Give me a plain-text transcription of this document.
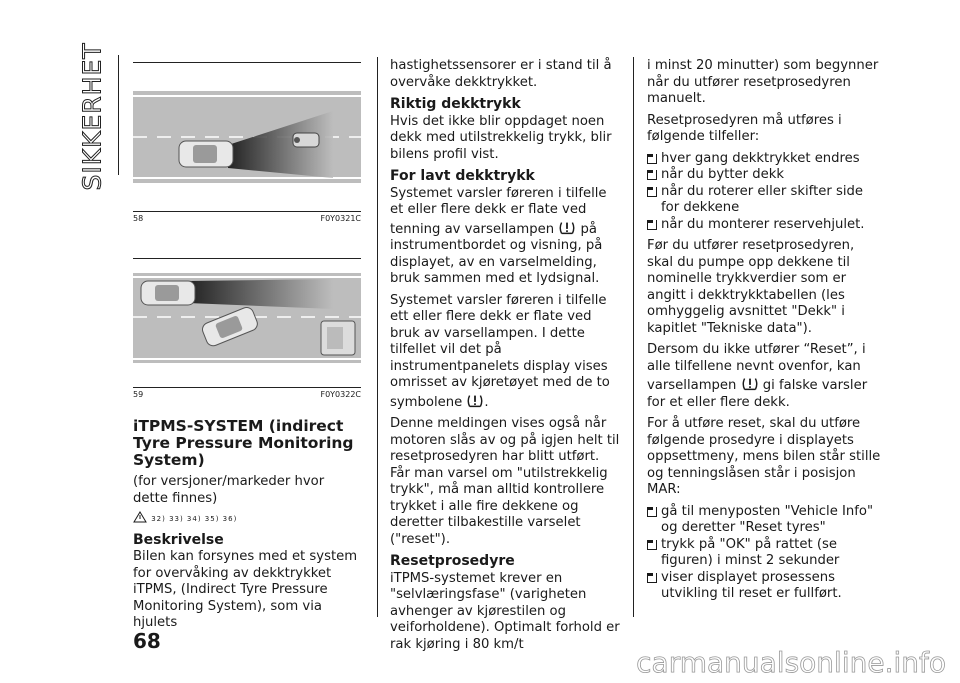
SIKKERHET
58	F0Y0321C
59	F0Y0322C

iTPMS-SYSTEM (indirect Tyre Pressure Monitoring System)

(for versjoner/markeder hvor dette finnes)

32) 33) 34) 35) 36)
Beskrivelse

Bilen kan forsynes med et system for overvåking av dekktrykket iTPMS, (Indirect Tyre Pressure Monitoring System), som via hjulets

hastighetssensorer er i stand til å overvåke dekktrykket.

Riktig dekktrykk

Hvis det ikke blir oppdaget noen dekk med utilstrekkelig trykk, blir bilens profil vist.

For lavt dekktrykk

Systemet varsler føreren i tilfelle et eller flere dekk er flate ved tenning av varsellampen på instrumentbordet og visning, på displayet, av en varselmelding, bruk sammen med et lydsignal.

Systemet varsler føreren i tilfelle ett eller flere dekk er flate ved bruk av varsellampen. I dette tilfellet vil det på instrumentpanelets display vises omrisset av kjøretøyet med de to symbolene .

Denne meldingen vises også når motoren slås av og på igjen helt til resetprosedyren har blitt utført. Får man varsel om "utilstrekkelig trykk", må man alltid kontrollere trykket i alle fire dekkene og deretter tilbakestille varselet ("reset").

Resetprosedyre

iTPMS-systemet krever en "selvlæringsfase" (varigheten avhenger av kjørestilen og veiforholdene). Optimalt forhold er rak kjøring i 80 km/t

i minst 20 minutter) som begynner når du utfører resetprosedyren manuelt.

Resetprosedyren må utføres i følgende tilfeller:

hver gang dekktrykket endres
når du bytter dekk
når du roterer eller skifter side for dekkene
når du monterer reservehjulet.

Før du utfører resetprosedyren, skal du pumpe opp dekkene til nominelle trykkverdier som er angitt i dekktrykktabellen (les omhyggelig avsnittet "Dekk" i kapitlet "Tekniske data").

Dersom du ikke utfører “Reset”, i alle tilfellene nevnt ovenfor, kan varsellampen gi falske varsler for et eller flere dekk.

For å utføre reset, skal du utføre følgende prosedyre i displayets oppsettmeny, mens bilen står stille og tenningslåsen står i posisjon MAR:

gå til menyposten "Vehicle Info" og deretter "Reset tyres"
trykk på "OK" på rattet (se figuren) i minst 2 sekunder
viser displayet prosessens utvikling til reset er fullført.
68
carmanualsonline.info
